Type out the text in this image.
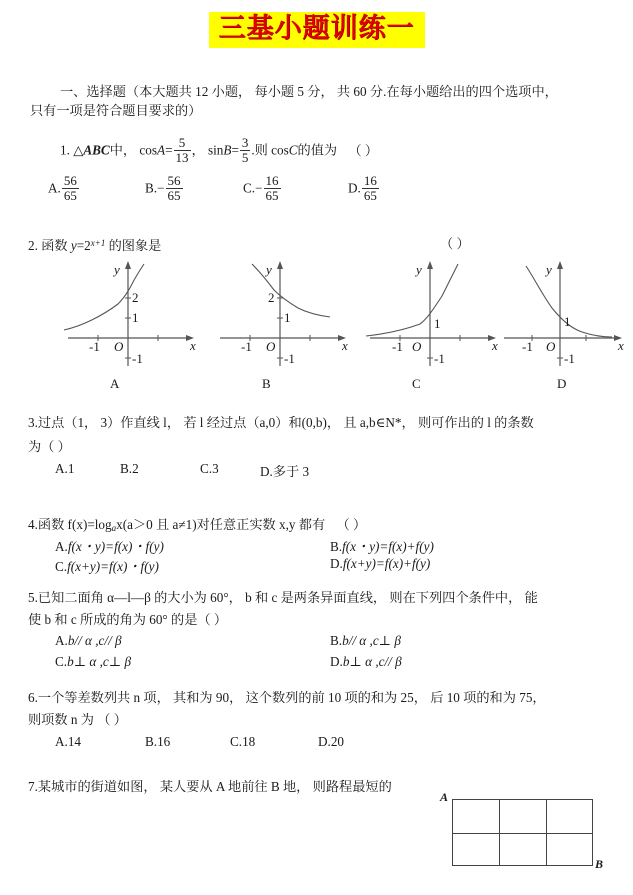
三基小题训练一
一、选择题（本大题共 12 小题， 每小题 5 分， 共 60 分.在每小题给出的四个选项中，
只有一项是符合题目要求的）
1. △ABC中， $\cos A= \frac{5}{13}$ ， $\sin B= \frac{3}{5}$ .则 cosC的值为 （ ）
A. $\frac{56}{65}$	$B.- \frac{56}{65}$	$C.- \frac{16}{65}$	D. $\frac{16}{65}$
2. 函数 $y=2^{x+1}$ 的图象是	（ ）
y
x
O
-1
1
2
-1
A
y
x
O
-1
1
2
-1
B
y
x
O
-1
1
-1
C
y
x
O
-1
1
-1
D
3.过点（1， 3）作直线 l， 若 l 经过点（a,0）和(0,b)， 且 a,b∈N*， 则可作出的 l 的条数
为（ ）
A.1	B.2	C.3	D.多于 3
4.函数 $f(x)=\log_ax(a>0$ 且 a≠1)对任意正实数 x,y 都有 （ ）
A.f(x・y)=f(x)・f(y)	B.f(x・y)=f(x)+f(y)
C.f(x+y)=f(x)・f(y)	D.f(x+y)=f(x)+f(y)
5.已知二面角 α—l—β 的大小为 60°， b 和 c 是两条异面直线， 则在下列四个条件中， 能
使 b 和 c 所成的角为 60° 的是（ ）
A.b// α ,c// β	B.b// α ,c⊥ β
C.b⊥ α ,c⊥ β	D.b⊥ α ,c// β
6.一个等差数列共 n 项， 其和为 90， 这个数列的前 10 项的和为 25， 后 10 项的和为 75，
则项数 n 为 （ ）
A.14	B.16	C.18	D.20
7.某城市的街道如图， 某人要从 A 地前往 B 地， 则路程最短的
A
B
